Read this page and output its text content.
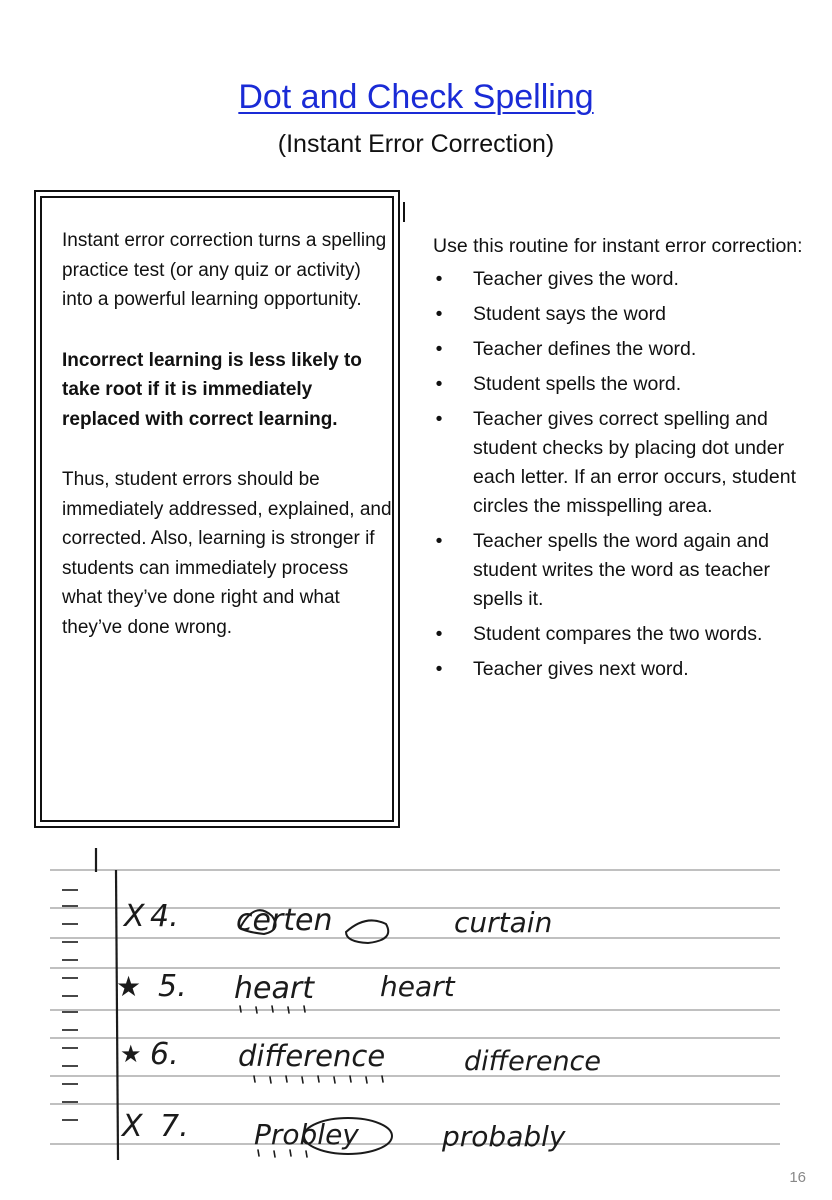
Dot and Check Spelling
(Instant Error Correction)

Instant error correction turns a spelling practice test (or any quiz or activity) into a powerful learning opportunity.

Incorrect learning is less likely to take root if it is immediately replaced with correct learning.

Thus, student errors should be immediately addressed, explained, and corrected. Also, learning is stronger if students can immediately process what they’ve done right and what they’ve done wrong.

Use this routine for instant error correction:

• Teacher gives the word.
• Student says the word
• Teacher defines the word.
• Student spells the word.
• Teacher gives correct spelling and student checks by placing dot under each letter. If an error occurs, student circles the misspelling area.
• Teacher spells the word again and student writes the word as teacher spells it.
• Student compares the two words.
• Teacher gives next word.
X 4. certen	curtain
★ 5. heart heart
★ 6. difference	difference
X 7. Probley	probably
16
